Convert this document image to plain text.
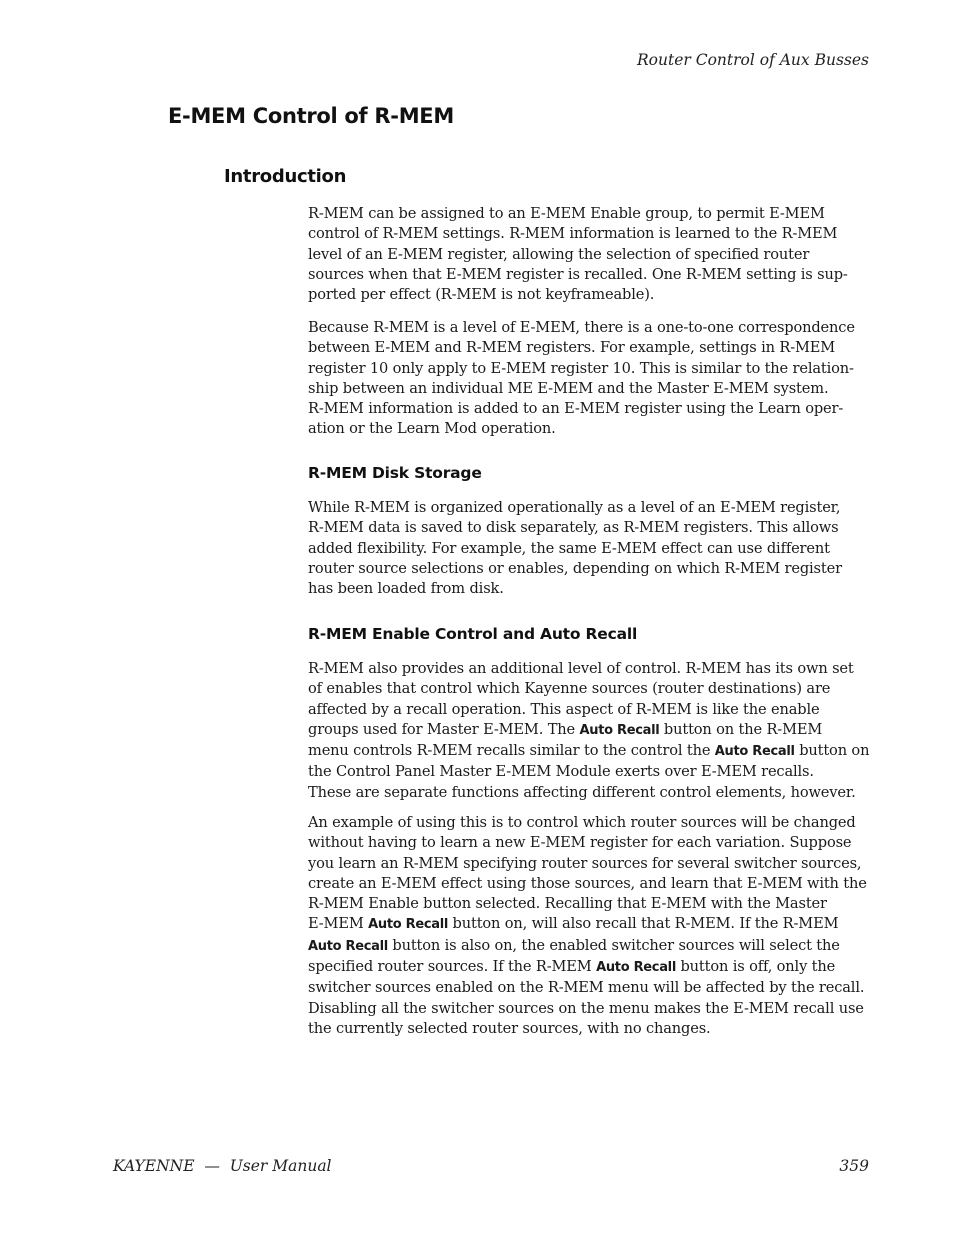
Router Control of Aux Busses
E-MEM Control of R-MEM
Introduction
R-MEM can be assigned to an E-MEM Enable group, to permit E-MEM
control of R-MEM settings. R-MEM information is learned to the R-MEM
level of an E-MEM register, allowing the selection of specified router
sources when that E-MEM register is recalled. One R-MEM setting is sup-
ported per effect (R-MEM is not keyframeable).
Because R-MEM is a level of E-MEM, there is a one-to-one correspondence
between E-MEM and R-MEM registers. For example, settings in R-MEM
register 10 only apply to E-MEM register 10. This is similar to the relation-
ship between an individual ME E-MEM and the Master E-MEM system.
R-MEM information is added to an E-MEM register using the Learn oper-
ation or the Learn Mod operation.
R-MEM Disk Storage
While R-MEM is organized operationally as a level of an E-MEM register,
R-MEM data is saved to disk separately, as R-MEM registers. This allows
added flexibility. For example, the same E-MEM effect can use different
router source selections or enables, depending on which R-MEM register
has been loaded from disk.
R-MEM Enable Control and Auto Recall
R-MEM also provides an additional level of control. R-MEM has its own set
of enables that control which Kayenne sources (router destinations) are
affected by a recall operation. This aspect of R-MEM is like the enable
groups used for Master E-MEM. The Auto Recall button on the R-MEM
menu controls R-MEM recalls similar to the control the Auto Recall button on
the Control Panel Master E-MEM Module exerts over E-MEM recalls.
These are separate functions affecting different control elements, however.
An example of using this is to control which router sources will be changed
without having to learn a new E-MEM register for each variation. Suppose
you learn an R-MEM specifying router sources for several switcher sources,
create an E-MEM effect using those sources, and learn that E-MEM with the
R-MEM Enable button selected. Recalling that E-MEM with the Master
E-MEM Auto Recall button on, will also recall that R-MEM. If the R-MEM
Auto Recall button is also on, the enabled switcher sources will select the
specified router sources. If the R-MEM Auto Recall button is off, only the
switcher sources enabled on the R-MEM menu will be affected by the recall.
Disabling all the switcher sources on the menu makes the E-MEM recall use
the currently selected router sources, with no changes.
KAYENNE  —  User Manual	359
